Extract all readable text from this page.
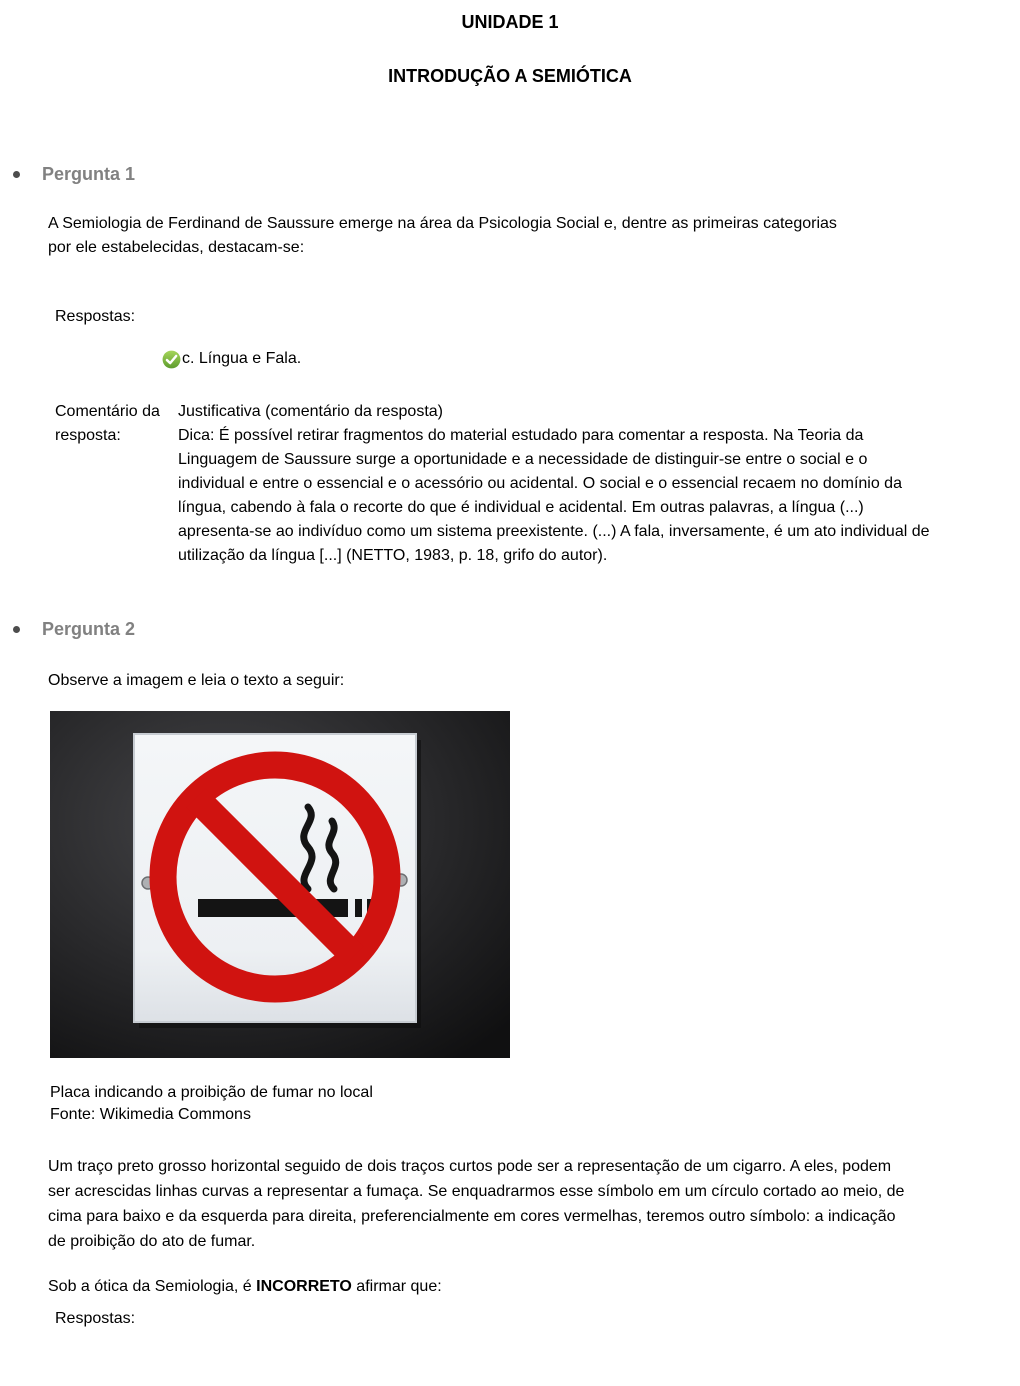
UNIDADE 1
INTRODUÇÃO A SEMIÓTICA
Pergunta 1

A Semiologia de Ferdinand de Saussure emerge na área da Psicologia Social e, dentre as primeiras categorias por ele estabelecidas, destacam-se:

Respostas:
c. Língua e Fala.
Comentário da resposta:
Justificativa (comentário da resposta)
Dica: É possível retirar fragmentos do material estudado para comentar a resposta. Na Teoria da Linguagem de Saussure surge a oportunidade e a necessidade de distinguir-se entre o social e o individual e entre o essencial e o acessório ou acidental. O social e o essencial recaem no domínio da língua, cabendo à fala o recorte do que é individual e acidental. Em outras palavras, a língua (...) apresenta-se ao indivíduo como um sistema preexistente. (...) A fala, inversamente, é um ato individual de utilização da língua [...] (NETTO, 1983, p. 18, grifo do autor).
Pergunta 2

Observe a imagem e leia o texto a seguir:

Placa indicando a proibição de fumar no local
Fonte: Wikimedia Commons

Um traço preto grosso horizontal seguido de dois traços curtos pode ser a representação de um cigarro. A eles, podem ser acrescidas linhas curvas a representar a fumaça. Se enquadrarmos esse símbolo em um círculo cortado ao meio, de cima para baixo e da esquerda para direita, preferencialmente em cores vermelhas, teremos outro símbolo: a indicação de proibição do ato de fumar.

Sob a ótica da Semiologia, é INCORRETO afirmar que:

Respostas:
